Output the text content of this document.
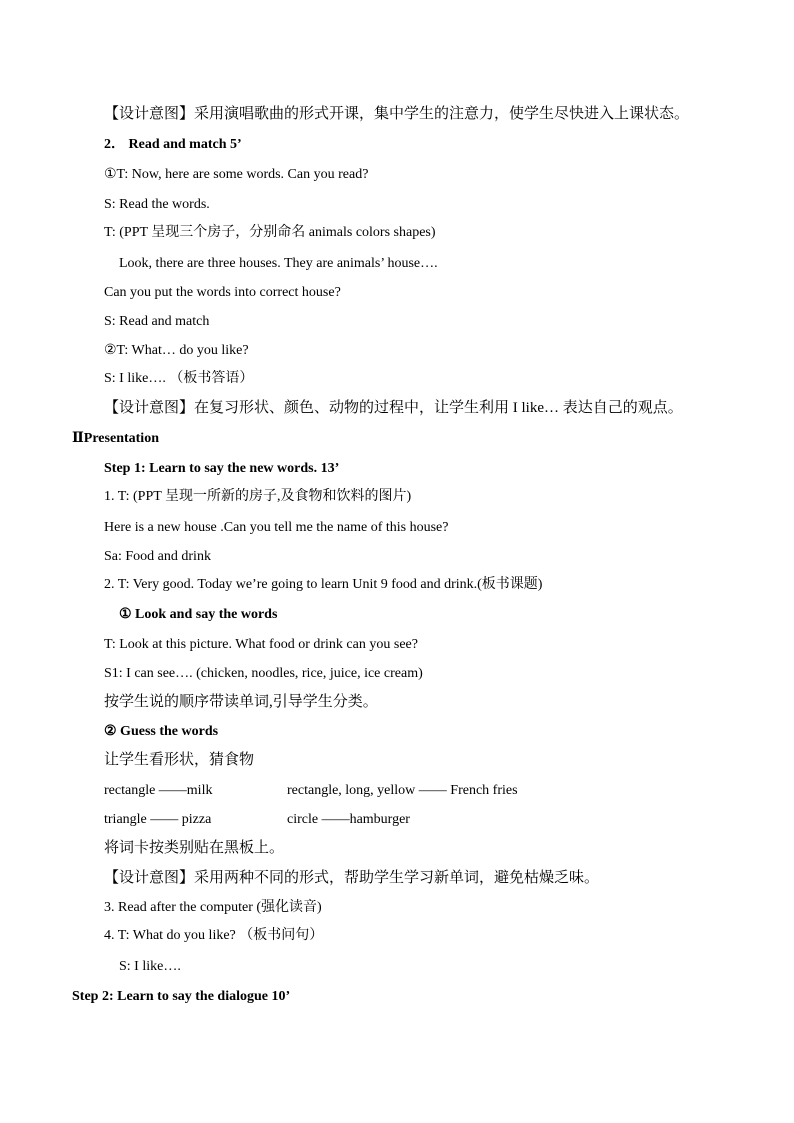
【设计意图】采用演唱歌曲的形式开课，集中学生的注意力，使学生尽快进入上课状态。
2． Read and match 5’
①T: Now, here are some words. Can you read?
S: Read the words.
T: (PPT 呈现三个房子，分别命名 animals colors shapes)
Look, there are three houses. They are animals’ house….
Can you put the words into correct house?
S: Read and match
②T: What… do you like?
S: I like…. （板书答语）
【设计意图】在复习形状、颜色、动物的过程中，让学生利用 I like… 表达自己的观点。
ⅡPresentation
Step 1: Learn to say the new words. 13’
1. T: (PPT 呈现一所新的房子,及食物和饮料的图片)
Here is a new house .Can you tell me the name of this house?
Sa: Food and drink
2. T: Very good. Today we’re going to learn Unit 9 food and drink.(板书课题)
① Look and say the words
T: Look at this picture. What food or drink can you see?
S1: I can see…. (chicken, noodles, rice, juice, ice cream)
按学生说的顺序带读单词,引导学生分类。
② Guess the words
让学生看形状，猜食物
rectangle ——milk	rectangle, long, yellow —— French fries
triangle —— pizza	circle ——hamburger
将词卡按类别贴在黑板上。
【设计意图】采用两种不同的形式，帮助学生学习新单词，避免枯燥乏味。
3. Read after the computer (强化读音)
4. T: What do you like? （板书问句）
S: I like….
Step 2: Learn to say the dialogue 10’
